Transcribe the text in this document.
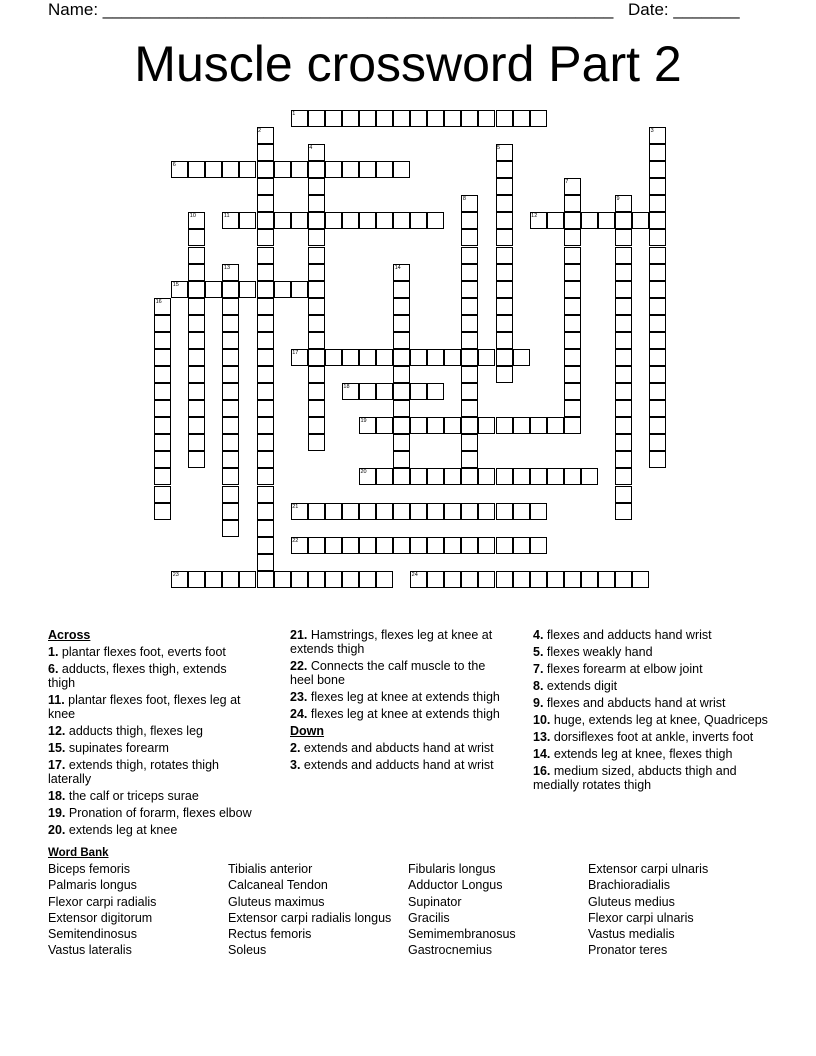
Name: ______________________________________________________ Date: _______
Muscle crossword Part 2
1
6
11	12
15
17
18
19
20
21
22
23	24
2	3
4	5
7
8	9
10
13	14
16
Across
1. plantar flexes foot, everts foot
6. adducts, flexes thigh, extends thigh
11. plantar flexes foot, flexes leg at knee
12. adducts thigh, flexes leg
15. supinates forearm
17. extends thigh, rotates thigh laterally
18. the calf or triceps surae
19. Pronation of forarm, flexes elbow
20. extends leg at knee
21. Hamstrings, flexes leg at knee at extends thigh
22. Connects the calf muscle to the heel bone
23. flexes leg at knee at extends thigh
24. flexes leg at knee at extends thigh
Down
2. extends and abducts hand at wrist
3. extends and adducts hand at wrist
4. flexes and adducts hand wrist
5. flexes weakly hand
7. flexes forearm at elbow joint
8. extends digit
9. flexes and abducts hand at wrist
10. huge, extends leg at knee, Quadriceps
13. dorsiflexes foot at ankle, inverts foot
14. extends leg at knee, flexes thigh
16. medium sized, abducts thigh and medially rotates thigh
Word Bank
Biceps femoris
Palmaris longus
Flexor carpi radialis
Extensor digitorum
Semitendinosus
Vastus lateralis
Tibialis anterior
Calcaneal Tendon
Gluteus maximus
Extensor carpi radialis longus
Rectus femoris
Soleus
Fibularis longus
Adductor Longus
Supinator
Gracilis
Semimembranosus
Gastrocnemius
Extensor carpi ulnaris
Brachioradialis
Gluteus medius
Flexor carpi ulnaris
Vastus medialis
Pronator teres
